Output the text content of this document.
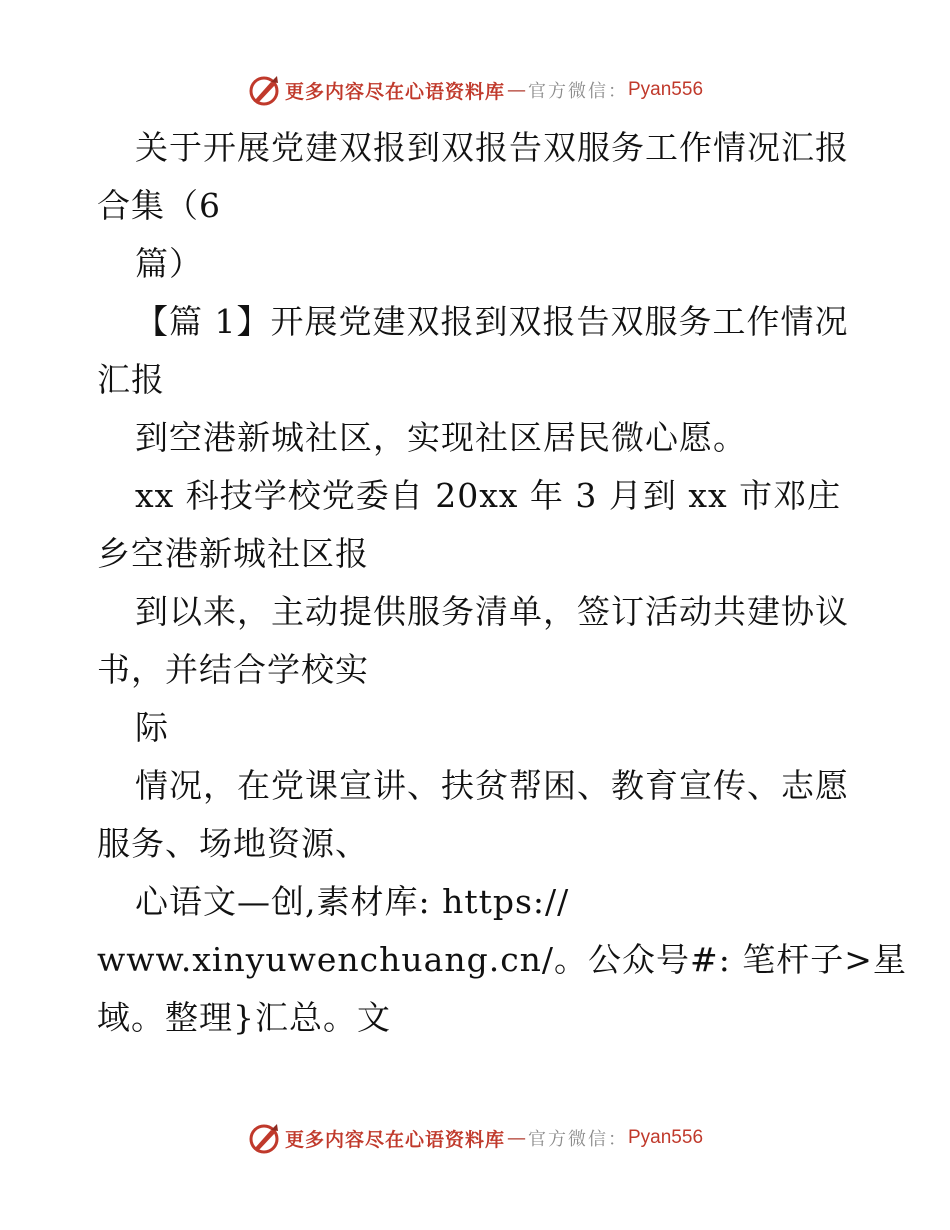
更多内容尽在心语资料库 — 官方微信： Pyan556
关于开展党建双报到双报告双服务工作情况汇报
合集（6
篇）
【篇 1】开展党建双报到双报告双服务工作情况
汇报
到空港新城社区，实现社区居民微心愿。
xx 科技学校党委自 20xx 年 3 月到 xx 市邓庄
乡空港新城社区报
到以来，主动提供服务清单，签订活动共建协议
书，并结合学校实
际
情况，在党课宣讲、扶贫帮困、教育宣传、志愿
服务、场地资源、
心语文—创,素材库: https://
www.xinyuwenchuang.cn/。公众号#: 笔杆子>星
域。整理}汇总。文
更多内容尽在心语资料库 — 官方微信： Pyan556
